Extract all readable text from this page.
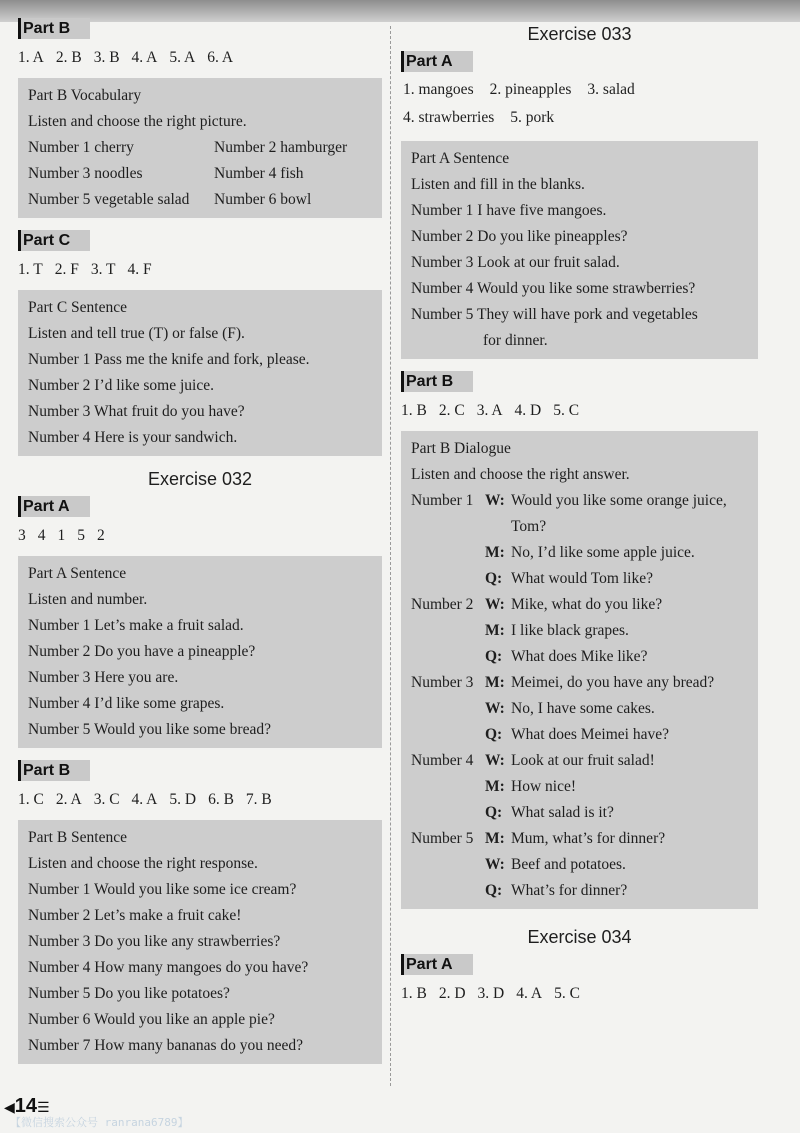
Part B
1. A 2. B 3. B 4. A 5. A 6. A
Part B Vocabulary
Listen and choose the right picture.
Number 1 cherry	Number 2 hamburger
Number 3 noodles	Number 4 fish
Number 5 vegetable salad	Number 6 bowl
Part C
1. T 2. F 3. T 4. F
Part C Sentence
Listen and tell true (T) or false (F).
Number 1 Pass me the knife and fork, please.
Number 2 I’d like some juice.
Number 3 What fruit do you have?
Number 4 Here is your sandwich.
Exercise 032
Part A
3 4 1 5 2
Part A Sentence
Listen and number.
Number 1 Let’s make a fruit salad.
Number 2 Do you have a pineapple?
Number 3 Here you are.
Number 4 I’d like some grapes.
Number 5 Would you like some bread?
Part B
1. C 2. A 3. C 4. A 5. D 6. B 7. B
Part B Sentence
Listen and choose the right response.
Number 1 Would you like some ice cream?
Number 2 Let’s make a fruit cake!
Number 3 Do you like any strawberries?
Number 4 How many mangoes do you have?
Number 5 Do you like potatoes?
Number 6 Would you like an apple pie?
Number 7 How many bananas do you need?
Exercise 033
Part A
1. mangoes 2. pineapples 3. salad
4. strawberries 5. pork
Part A Sentence
Listen and fill in the blanks.
Number 1 I have five mangoes.
Number 2 Do you like pineapples?
Number 3 Look at our fruit salad.
Number 4 Would you like some strawberries?
Number 5 They will have pork and vegetables
for dinner.
Part B
1. B 2. C 3. A 4. D 5. C
Part B Dialogue
Listen and choose the right answer.
Number 1 W: Would you like some orange juice,
Tom?
M: No, I’d like some apple juice.
Q: What would Tom like?
Number 2 W: Mike, what do you like?
M: I like black grapes.
Q: What does Mike like?
Number 3 M: Meimei, do you have any bread?
W: No, I have some cakes.
Q: What does Meimei have?
Number 4 W: Look at our fruit salad!
M: How nice!
Q: What salad is it?
Number 5 M: Mum, what’s for dinner?
W: Beef and potatoes.
Q: What’s for dinner?
Exercise 034
Part A
1. B 2. D 3. D 4. A 5. C
◀14☰
【微信搜索公众号 ranrana6789】
